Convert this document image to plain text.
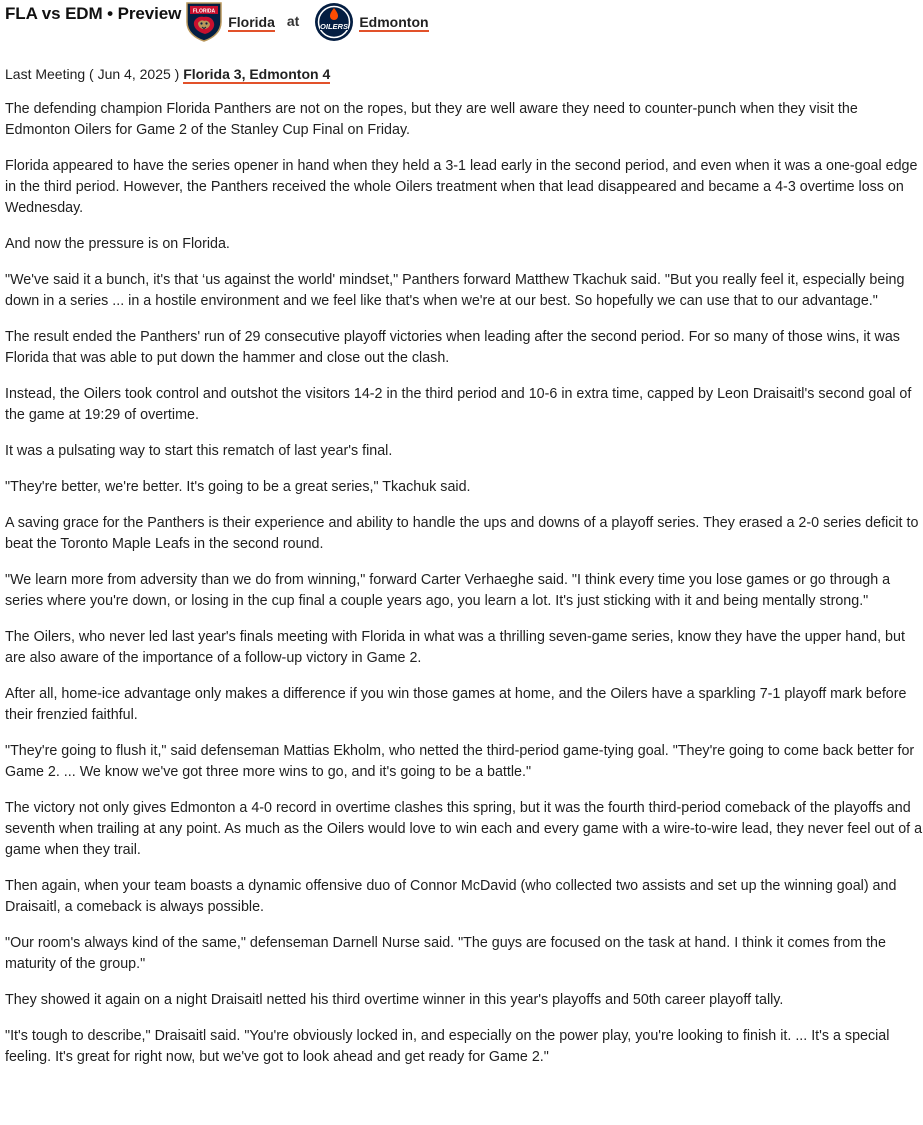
FLA vs EDM • Preview FLORIDA
Florida at	OILERS Edmonton
Last Meeting ( Jun 4, 2025 ) Florida 3, Edmonton 4

The defending champion Florida Panthers are not on the ropes, but they are well aware they need to counter-punch when they visit the Edmonton Oilers for Game 2 of the Stanley Cup Final on Friday.

Florida appeared to have the series opener in hand when they held a 3-1 lead early in the second period, and even when it was a one-goal edge in the third period. However, the Panthers received the whole Oilers treatment when that lead disappeared and became a 4-3 overtime loss on Wednesday.

And now the pressure is on Florida.

"We've said it a bunch, it's that ‘us against the world' mindset," Panthers forward Matthew Tkachuk said. "But you really feel it, especially being down in a series ... in a hostile environment and we feel like that's when we're at our best. So hopefully we can use that to our advantage."

The result ended the Panthers' run of 29 consecutive playoff victories when leading after the second period. For so many of those wins, it was Florida that was able to put down the hammer and close out the clash.

Instead, the Oilers took control and outshot the visitors 14-2 in the third period and 10-6 in extra time, capped by Leon Draisaitl's second goal of the game at 19:29 of overtime.

It was a pulsating way to start this rematch of last year's final.

"They're better, we're better. It's going to be a great series," Tkachuk said.

A saving grace for the Panthers is their experience and ability to handle the ups and downs of a playoff series. They erased a 2-0 series deficit to beat the Toronto Maple Leafs in the second round.

"We learn more from adversity than we do from winning," forward Carter Verhaeghe said. "I think every time you lose games or go through a series where you're down, or losing in the cup final a couple years ago, you learn a lot. It's just sticking with it and being mentally strong."

The Oilers, who never led last year's finals meeting with Florida in what was a thrilling seven-game series, know they have the upper hand, but are also aware of the importance of a follow-up victory in Game 2.

After all, home-ice advantage only makes a difference if you win those games at home, and the Oilers have a sparkling 7-1 playoff mark before their frenzied faithful.

"They're going to flush it," said defenseman Mattias Ekholm, who netted the third-period game-tying goal. "They're going to come back better for Game 2. ... We know we've got three more wins to go, and it's going to be a battle."

The victory not only gives Edmonton a 4-0 record in overtime clashes this spring, but it was the fourth third-period comeback of the playoffs and seventh when trailing at any point. As much as the Oilers would love to win each and every game with a wire-to-wire lead, they never feel out of a game when they trail.

Then again, when your team boasts a dynamic offensive duo of Connor McDavid (who collected two assists and set up the winning goal) and Draisaitl, a comeback is always possible.

"Our room's always kind of the same," defenseman Darnell Nurse said. "The guys are focused on the task at hand. I think it comes from the maturity of the group."

They showed it again on a night Draisaitl netted his third overtime winner in this year's playoffs and 50th career playoff tally.

"It's tough to describe," Draisaitl said. "You're obviously locked in, and especially on the power play, you're looking to finish it. ... It's a special feeling. It's great for right now, but we've got to look ahead and get ready for Game 2."
